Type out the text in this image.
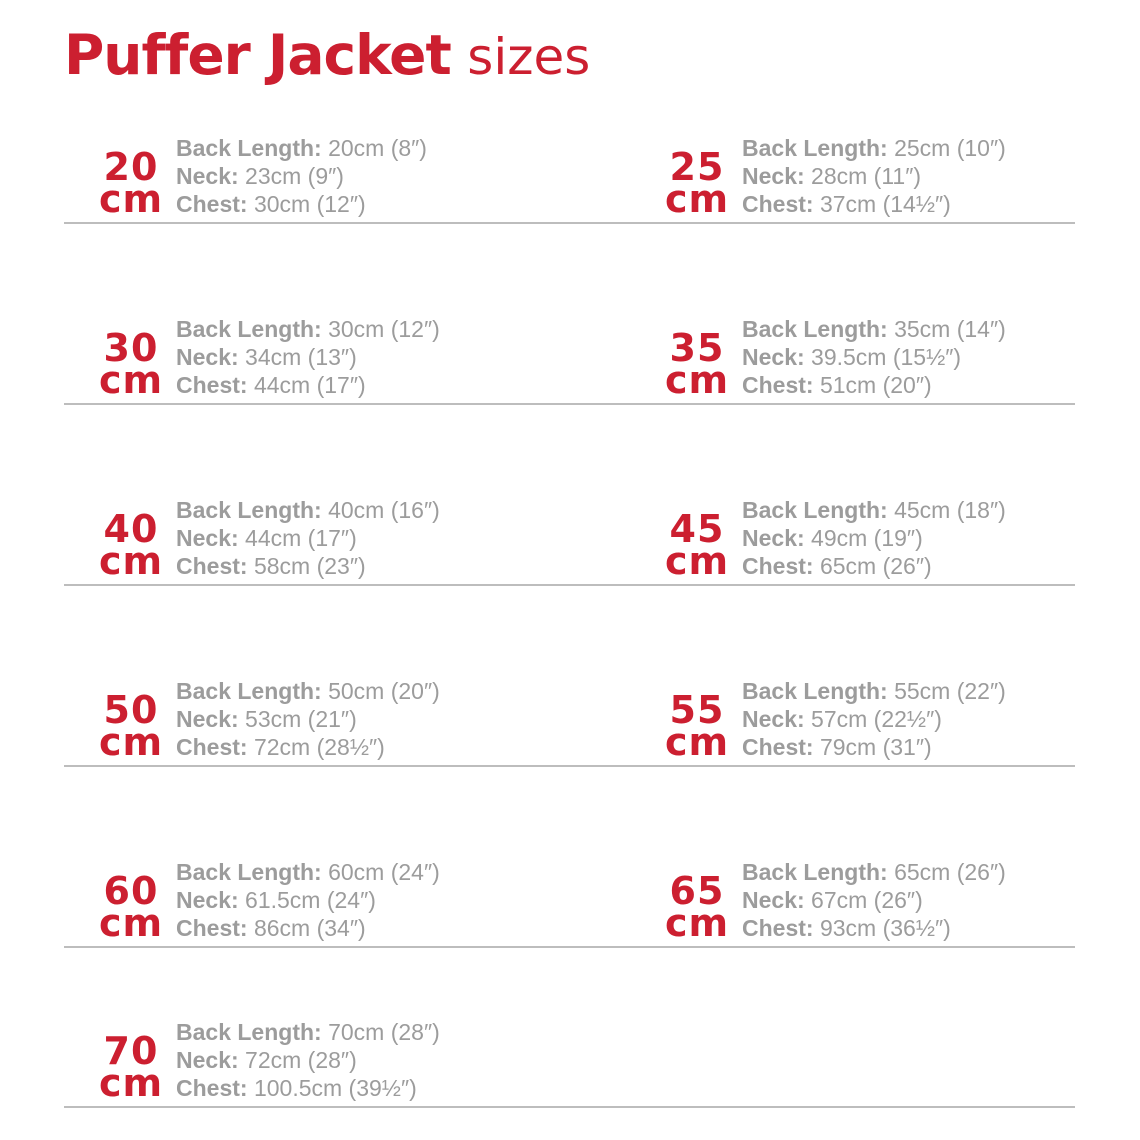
Puffer Jacket sizes
20
cm
Back Length: 20cm (8″)
Neck: 23cm (9″)
Chest: 30cm (12″)
25
cm
Back Length: 25cm (10″)
Neck: 28cm (11″)
Chest: 37cm (14½″)
30
cm
Back Length: 30cm (12″)
Neck: 34cm (13″)
Chest: 44cm (17″)
35
cm
Back Length: 35cm (14″)
Neck: 39.5cm (15½″)
Chest: 51cm (20″)
40
cm
Back Length: 40cm (16″)
Neck: 44cm (17″)
Chest: 58cm (23″)
45
cm
Back Length: 45cm (18″)
Neck: 49cm (19″)
Chest: 65cm (26″)
50
cm
Back Length: 50cm (20″)
Neck: 53cm (21″)
Chest: 72cm (28½″)
55
cm
Back Length: 55cm (22″)
Neck: 57cm (22½″)
Chest: 79cm (31″)
60
cm
Back Length: 60cm (24″)
Neck: 61.5cm (24″)
Chest: 86cm (34″)
65
cm
Back Length: 65cm (26″)
Neck: 67cm (26″)
Chest: 93cm (36½″)
70
cm
Back Length: 70cm (28″)
Neck: 72cm (28″)
Chest: 100.5cm (39½″)
